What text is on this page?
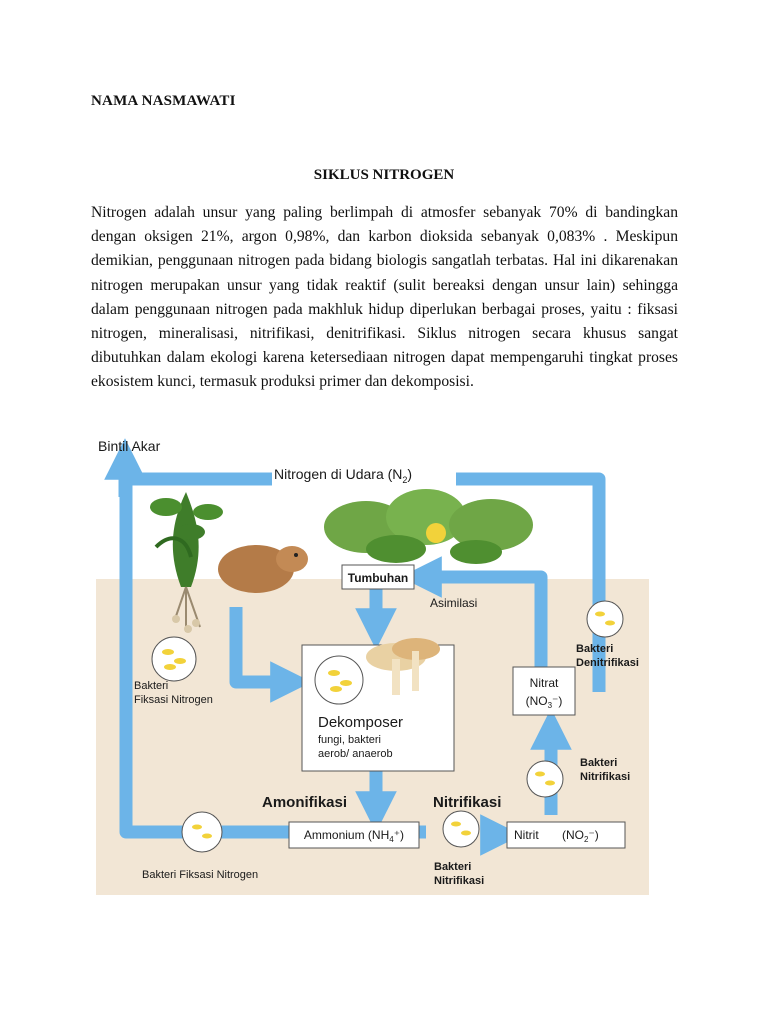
NAMA NASMAWATI
SIKLUS NITROGEN

Nitrogen adalah unsur yang paling berlimpah di atmosfer sebanyak 70% di bandingkan dengan oksigen 21%, argon 0,98%, dan karbon dioksida sebanyak 0,083% . Meskipun demikian, penggunaan nitrogen pada bidang biologis sangatlah terbatas. Hal ini dikarenakan nitrogen merupakan unsur yang tidak reaktif (sulit bereaksi dengan unsur lain) sehingga dalam penggunaan nitrogen pada makhluk hidup diperlukan berbagai proses, yaitu : fiksasi nitrogen, mineralisasi, nitrifikasi, denitrifikasi. Siklus nitrogen secara khusus sangat dibutuhkan dalam ekologi karena ketersediaan nitrogen dapat mempengaruhi tingkat proses ekosistem kunci, termasuk produksi primer dan dekomposisi.

Tumbuhan
Dekomposer
fungi, bakteri
aerob/ anaerob
Nitrat
$(NO_3^-)$
Ammonium $(NH_4^+)$	Nitrit $(NO_2^-)$
Bintil Akar
Nitrogen di Udara $(N_2)$
Asimilasi
Bakteri
Denitrifikasi
Bakteri
Fiksasi Nitrogen
Bakteri
Nitrifikasi
Amonifikasi	Nitrifikasi
Bakteri
Nitrifikasi
Bakteri Fiksasi Nitrogen
